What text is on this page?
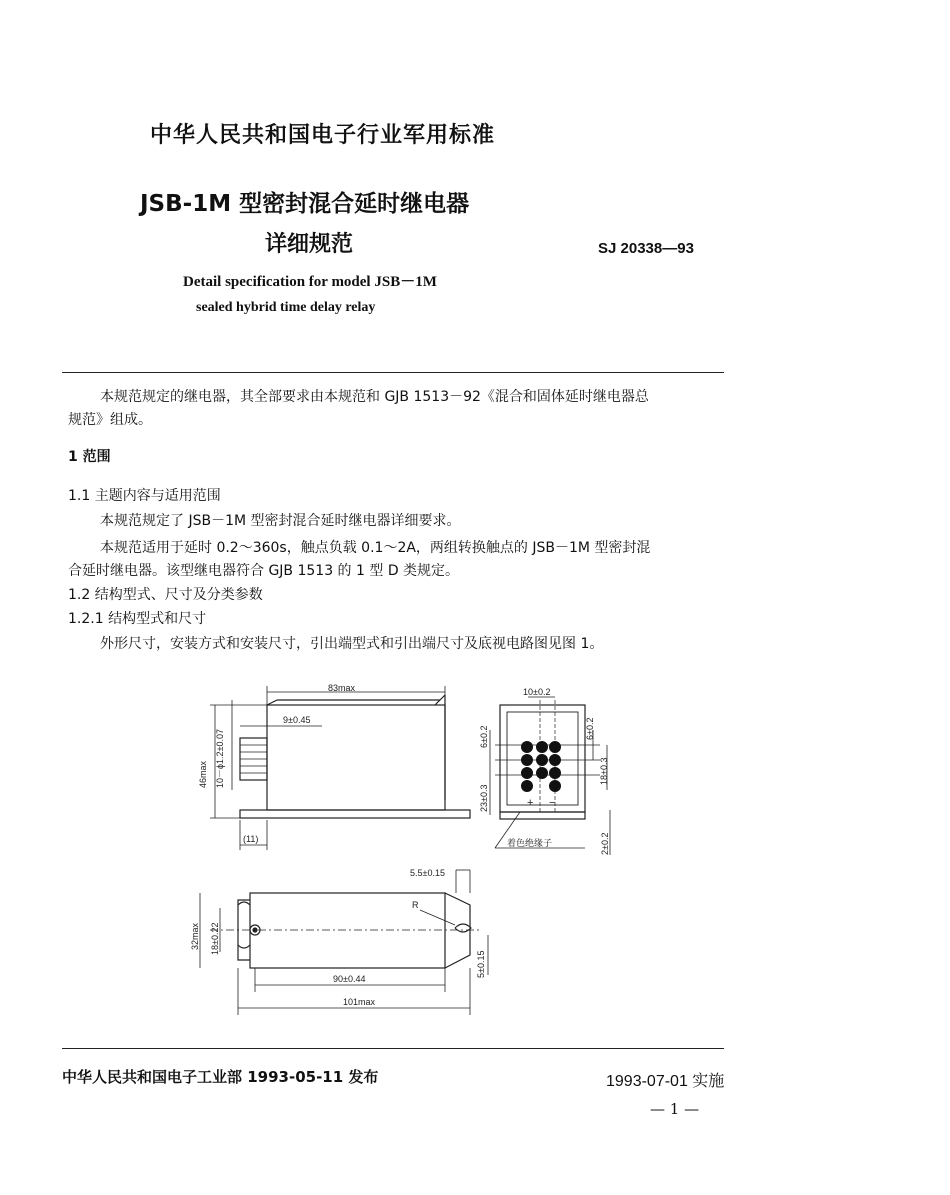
中华人民共和国电子行业军用标准
JSB-1M 型密封混合延时继电器
详细规范	SJ 20338—93
Detail specification for model JSB－1M
sealed hybrid time delay relay
本规范规定的继电器，其全部要求由本规范和 GJB 1513－92《混合和固体延时继电器总
规范》组成。
1 范围
1.1 主题内容与适用范围
本规范规定了 JSB－1M 型密封混合延时继电器详细要求。
本规范适用于延时 0.2～360s，触点负载 0.1～2A，两组转换触点的 JSB－1M 型密封混
合延时继电器。该型继电器符合 GJB 1513 的 1 型 D 类规定。
1.2 结构型式、尺寸及分类参数
1.2.1 结构型式和尺寸
外形尺寸，安装方式和安装尺寸，引出端型式和引出端尺寸及底视电路图见图 1。
83max
9±0.45
46max 10－ϕ1.2±0.07
(11)
10±0.2
6±0.2	6±0.2
18±0.3
23±0.3
2±0.2
+ −
着色绝缘子
5.5±0.15
R
32max 18±0.22
5±0.15
90±0.44
101max
中华人民共和国电子工业部 1993-05-11 发布	1993-07-01 实施
— 1 —
